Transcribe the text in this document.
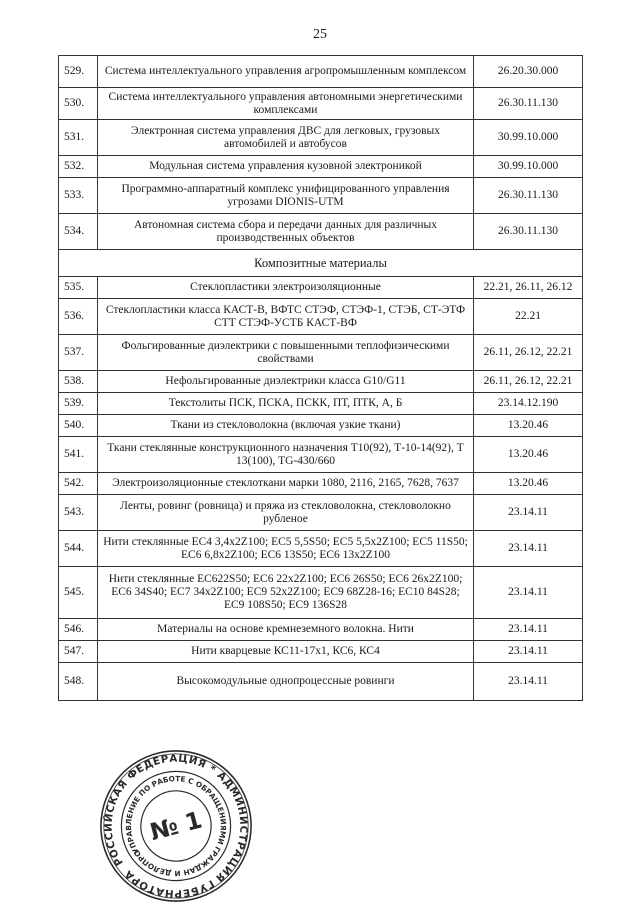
25
529.	Система интеллектуального управления агропромышленным комплексом	26.20.30.000
530.	Система интеллектуального управления автономными энергетическими комплексами	26.30.11.130
531.	Электронная система управления ДВС для легковых, грузовых автомобилей и автобусов	30.99.10.000
532.	Модульная система управления кузовной электроникой	30.99.10.000
533.	Программно-аппаратный комплекс унифицированного управления угрозами DIONIS-UTM	26.30.11.130
534.	Автономная система сбора и передачи данных для различных производственных объектов	26.30.11.130
Композитные материалы		
535.	Стеклопластики электроизоляционные	22.21, 26.11, 26.12
536.	Стеклопластики класса КАСТ-В, ВФТС СТЭФ, СТЭФ-1, СТЭБ, СТ-ЭТФ СТТ СТЭФ-УСТБ КАСТ-ВФ	22.21
537.	Фольгированные диэлектрики с повышенными теплофизическими свойствами	26.11, 26.12, 22.21
538.	Нефольгированные диэлектрики класса G10/G11	26.11, 26.12, 22.21
539.	Текстолиты ПСК, ПСКА, ПСКК, ПТ, ПТК, А, Б	23.14.12.190
540.	Ткани из стекловолокна (включая узкие ткани)	13.20.46
541.	Ткани стеклянные конструкционного назначения Т10(92), Т-10-14(92), Т 13(100), TG-430/660	13.20.46
542.	Электроизоляционные стеклоткани марки 1080, 2116, 2165, 7628, 7637	13.20.46
543.	Ленты, ровинг (ровница) и пряжа из стекловолокна, стекловолокно рубленое	23.14.11
544.	Нити стеклянные ЕС4 3,4х2Z100; ЕС5 5,5S50; ЕС5 5,5х2Z100; ЕС5 11S50; ЕС6 6,8х2Z100; ЕС6 13S50; ЕС6 13х2Z100	23.14.11
545.	Нити стеклянные ЕС622S50; ЕС6 22х2Z100; ЕС6 26S50; ЕС6 26х2Z100; ЕС6 34S40; ЕС7 34х2Z100; ЕС9 52х2Z100; ЕС9 68Z28-16; ЕС10 84S28; ЕС9 108S50; ЕС9 136S28	23.14.11
546.	Материалы на основе кремнеземного волокна. Нити	23.14.11
547.	Нити кварцевые КС11-17х1, КС6, КС4	23.14.11
548.	Высокомодульные однопроцессные ровинги	23.14.11
РОССИЙСКАЯ ФЕДЕРАЦИЯ * АДМИНИСТРАЦИЯ ГУБЕРНАТОРА
УПРАВЛЕНИЕ ПО РАБОТЕ С ОБРАЩЕНИЯМИ ГРАЖДАН И ДЕЛОПРОИЗВОДСТВУ
№ 1
